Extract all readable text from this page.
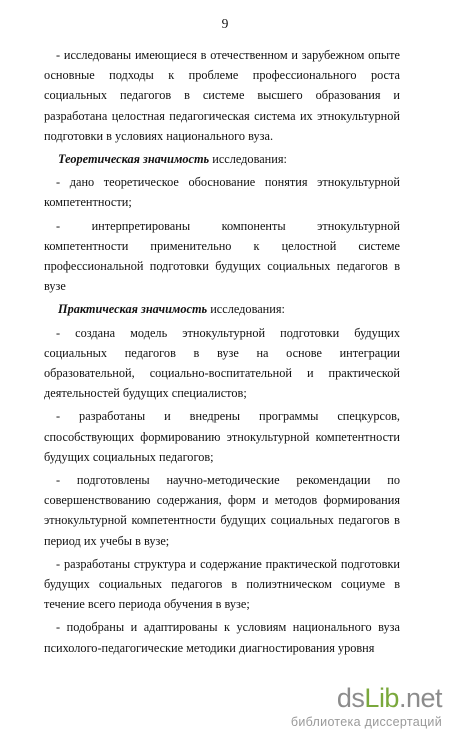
9

- исследованы имеющиеся в отечественном и зарубежном опыте основные подходы к проблеме профессионального роста социальных педагогов в системе высшего образования и разработана целостная педагогическая система их этнокультурной подготовки в условиях национального вуза.

Теоретическая значимость исследования:

- дано теоретическое обоснование понятия этнокультурной компетентности;

- интерпретированы компоненты этнокультурной компетентности применительно к целостной системе профессиональной подготовки будущих социальных педагогов в вузе

Практическая значимость исследования:

- создана модель этнокультурной подготовки будущих социальных педагогов в вузе на основе интеграции образовательной, социально-воспитательной и практической деятельностей будущих специалистов;

- разработаны и внедрены программы спецкурсов, способствующих формированию этнокультурной компетентности будущих социальных педагогов;

- подготовлены научно-методические рекомендации по совершенствованию содержания, форм и методов формирования этнокультурной компетентности будущих социальных педагогов в период их учебы в вузе;

- разработаны структура и содержание практической подготовки будущих социальных педагогов в полиэтническом социуме в течение всего периода обучения в вузе;

- подобраны и адаптированы к условиям национального вуза психолого-педагогические методики диагностирования уровня

dsLib.net
библиотека диссертаций
